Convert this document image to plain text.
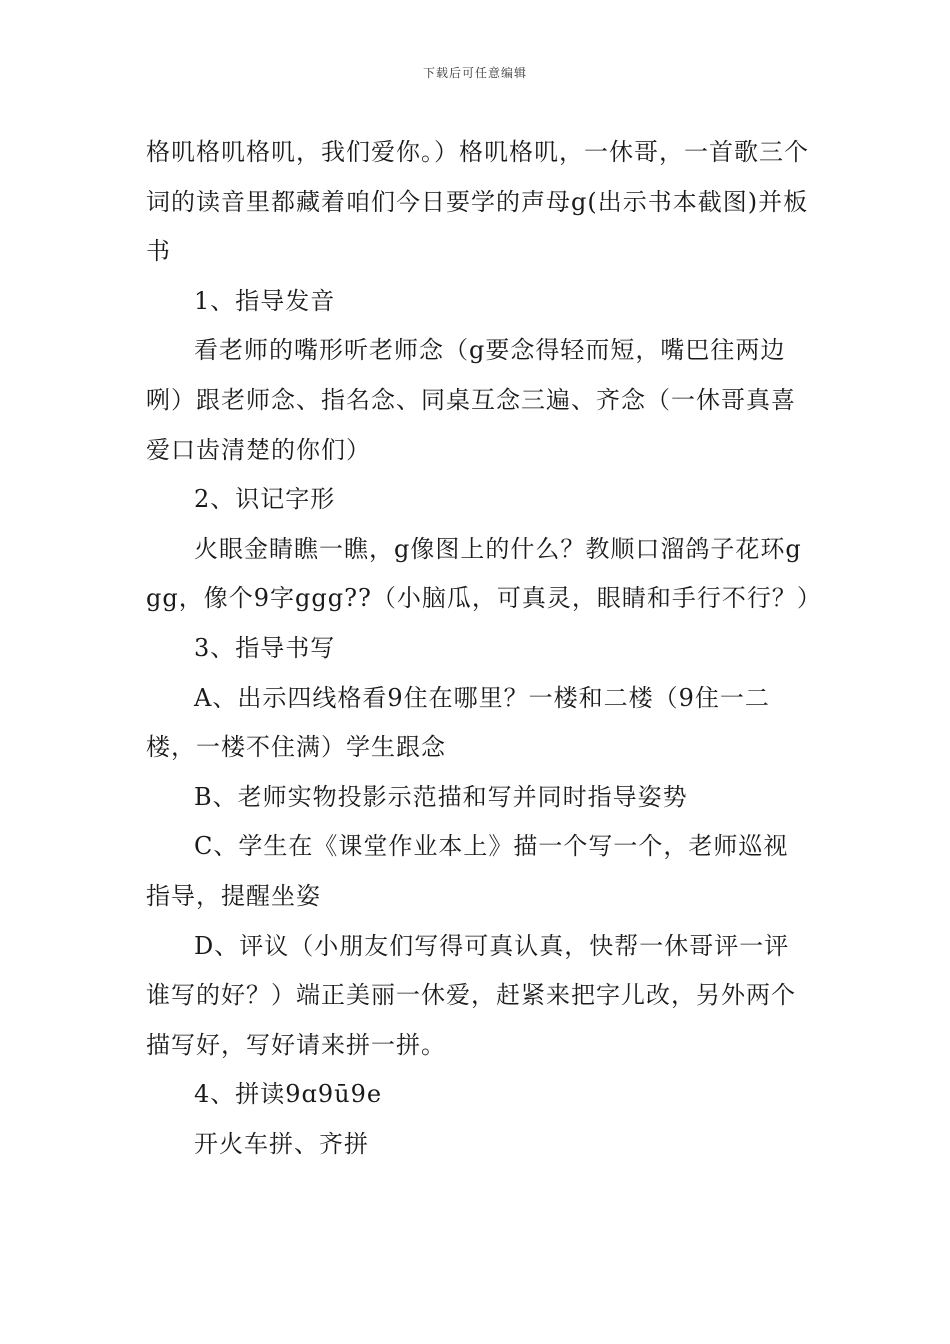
下载后可任意编辑

格叽格叽格叽，我们爱你。）格叽格叽，一休哥，一首歌三个词的读音里都藏着咱们今日要学的声母g(出示书本截图)并板书

1、指导发音

看老师的嘴形听老师念（g要念得轻而短，嘴巴往两边咧）跟老师念、指名念、同桌互念三遍、齐念（一休哥真喜爱口齿清楚的你们）

2、识记字形

火眼金睛瞧一瞧，g像图上的什么？教顺口溜鸽子花环ggg，像个9字ggg??（小脑瓜，可真灵，眼睛和手行不行？）

3、指导书写

A、出示四线格看9住在哪里？一楼和二楼（9住一二楼，一楼不住满）学生跟念

B、老师实物投影示范描和写并同时指导姿势

C、学生在《课堂作业本上》描一个写一个，老师巡视指导，提醒坐姿

D、评议（小朋友们写得可真认真，快帮一休哥评一评谁写的好？）端正美丽一休爱，赶紧来把字儿改，另外两个描写好，写好请来拼一拼。

4、拼读9ɑ9ū9e

开火车拼、齐拼
